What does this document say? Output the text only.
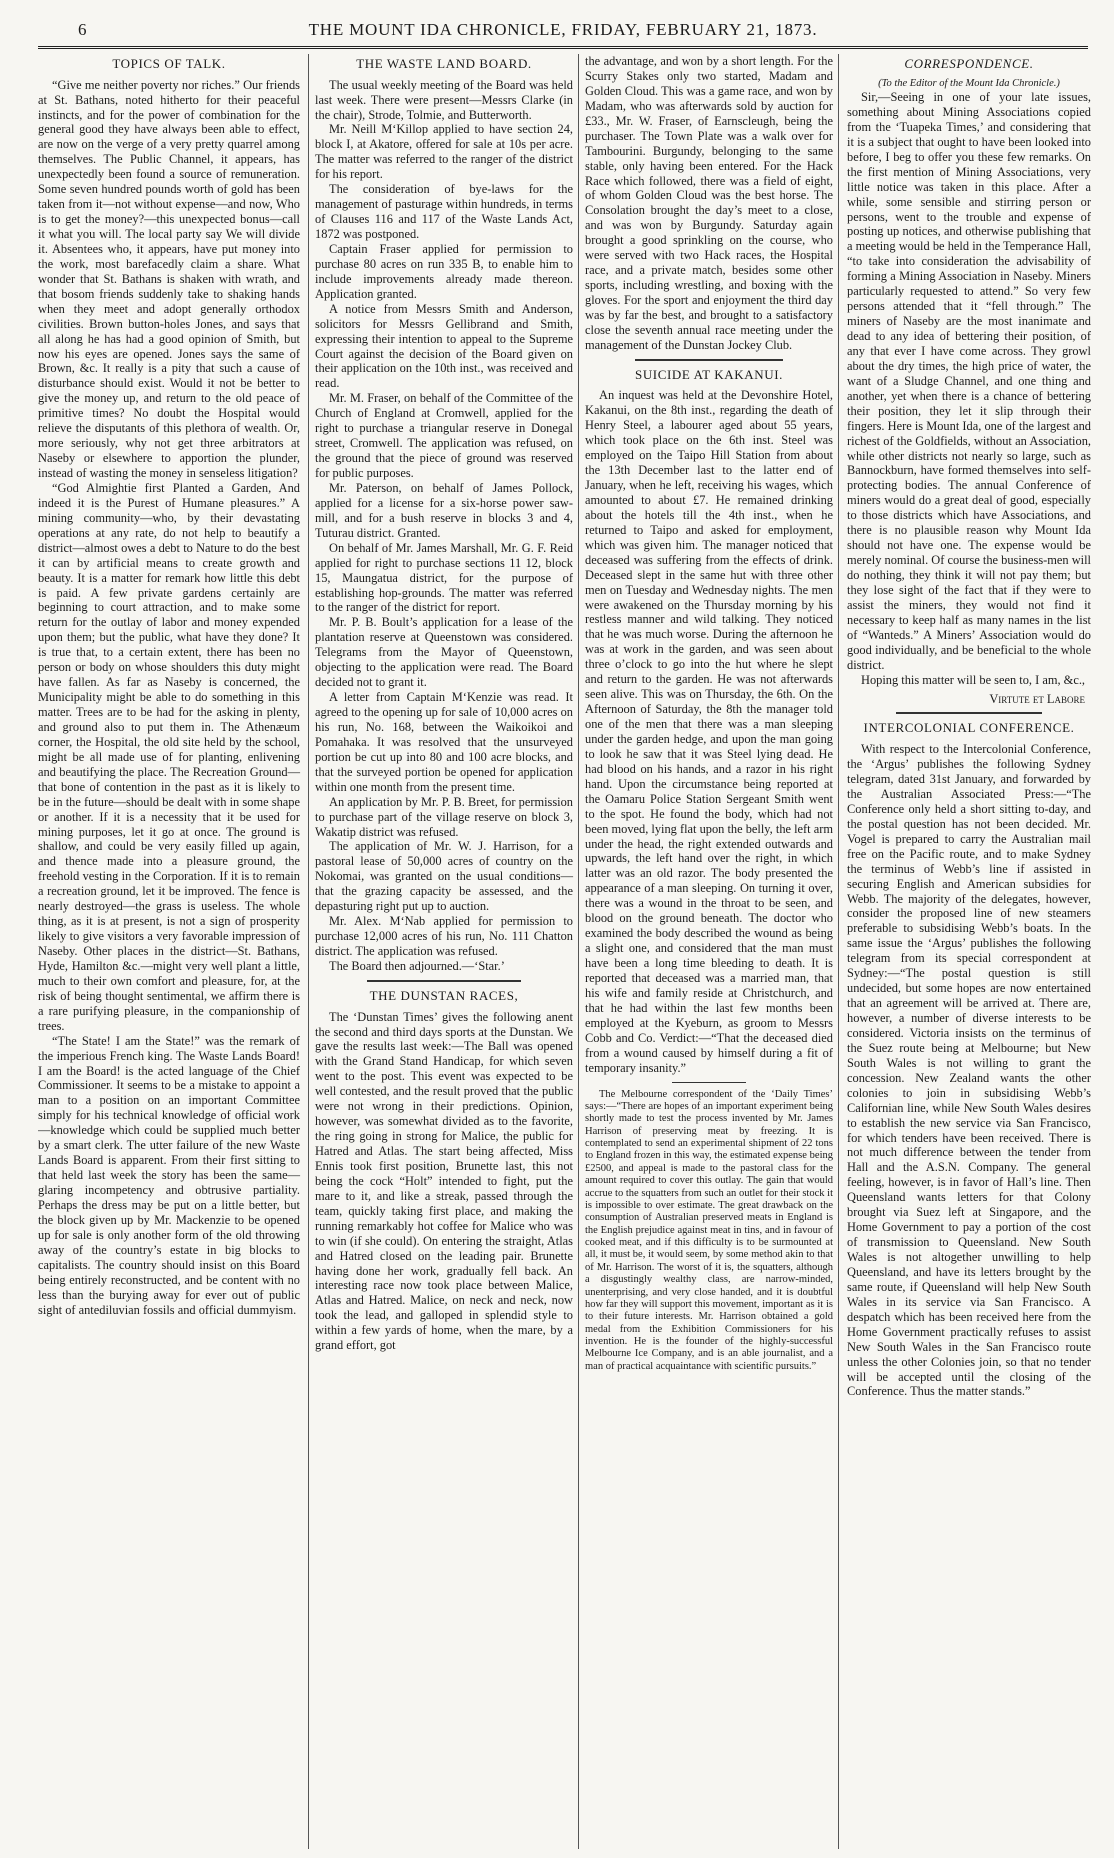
6	THE MOUNT IDA CHRONICLE, FRIDAY, FEBRUARY 21, 1873.
TOPICS OF TALK.

“Give me neither poverty nor riches.” Our friends at St. Bathans, noted hitherto for their peaceful instincts, and for the power of combination for the general good they have always been able to effect, are now on the verge of a very pretty quarrel among themselves. The Public Channel, it appears, has unexpectedly been found a source of remuneration. Some seven hundred pounds worth of gold has been taken from it—not without expense—and now, Who is to get the money?—this unexpected bonus—call it what you will. The local party say We will divide it. Absentees who, it appears, have put money into the work, most barefacedly claim a share. What wonder that St. Bathans is shaken with wrath, and that bosom friends suddenly take to shaking hands when they meet and adopt generally orthodox civilities. Brown button-holes Jones, and says that all along he has had a good opinion of Smith, but now his eyes are opened. Jones says the same of Brown, &c. It really is a pity that such a cause of disturbance should exist. Would it not be better to give the money up, and return to the old peace of primitive times? No doubt the Hospital would relieve the disputants of this plethora of wealth. Or, more seriously, why not get three arbitrators at Naseby or elsewhere to apportion the plunder, instead of wasting the money in senseless litigation?

“God Almightie first Planted a Garden, And indeed it is the Purest of Humane pleasures.” A mining community—who, by their devastating operations at any rate, do not help to beautify a district—almost owes a debt to Nature to do the best it can by artificial means to create growth and beauty. It is a matter for remark how little this debt is paid. A few private gardens certainly are beginning to court attraction, and to make some return for the outlay of labor and money expended upon them; but the public, what have they done? It is true that, to a certain extent, there has been no person or body on whose shoulders this duty might have fallen. As far as Naseby is concerned, the Municipality might be able to do something in this matter. Trees are to be had for the asking in plenty, and ground also to put them in. The Athenæum corner, the Hospital, the old site held by the school, might be all made use of for planting, enlivening and beautifying the place. The Recreation Ground—that bone of contention in the past as it is likely to be in the future—should be dealt with in some shape or another. If it is a necessity that it be used for mining purposes, let it go at once. The ground is shallow, and could be very easily filled up again, and thence made into a pleasure ground, the freehold vesting in the Corporation. If it is to remain a recreation ground, let it be improved. The fence is nearly destroyed—the grass is useless. The whole thing, as it is at present, is not a sign of prosperity likely to give visitors a very favorable impression of Naseby. Other places in the district—St. Bathans, Hyde, Hamilton &c.—might very well plant a little, much to their own comfort and pleasure, for, at the risk of being thought sentimental, we affirm there is a rare purifying pleasure, in the companionship of trees.

“The State! I am the State!” was the remark of the imperious French king. The Waste Lands Board! I am the Board! is the acted language of the Chief Commissioner. It seems to be a mistake to appoint a man to a position on an important Committee simply for his technical knowledge of official work—knowledge which could be supplied much better by a smart clerk. The utter failure of the new Waste Lands Board is apparent. From their first sitting to that held last week the story has been the same—glaring incompetency and obtrusive partiality. Perhaps the dress may be put on a little better, but the block given up by Mr. Mackenzie to be opened up for sale is only another form of the old throwing away of the country’s estate in big blocks to capitalists. The country should insist on this Board being entirely reconstructed, and be content with no less than the burying away for ever out of public sight of antediluvian fossils and official dummyism.

THE WASTE LAND BOARD.

The usual weekly meeting of the Board was held last week. There were present—Messrs Clarke (in the chair), Strode, Tolmie, and Butterworth.

Mr. Neill M‘Killop applied to have section 24, block I, at Akatore, offered for sale at 10s per acre. The matter was referred to the ranger of the district for his report.

The consideration of bye-laws for the management of pasturage within hundreds, in terms of Clauses 116 and 117 of the Waste Lands Act, 1872 was postponed.

Captain Fraser applied for permission to purchase 80 acres on run 335 B, to enable him to include improvements already made thereon. Application granted.

A notice from Messrs Smith and Anderson, solicitors for Messrs Gellibrand and Smith, expressing their intention to appeal to the Supreme Court against the decision of the Board given on their application on the 10th inst., was received and read.

Mr. M. Fraser, on behalf of the Committee of the Church of England at Cromwell, applied for the right to purchase a triangular reserve in Donegal street, Cromwell. The application was refused, on the ground that the piece of ground was reserved for public purposes.

Mr. Paterson, on behalf of James Pollock, applied for a license for a six-horse power saw-mill, and for a bush reserve in blocks 3 and 4, Tuturau district. Granted.

On behalf of Mr. James Marshall, Mr. G. F. Reid applied for right to purchase sections 11 12, block 15, Maungatua district, for the purpose of establishing hop-grounds. The matter was referred to the ranger of the district for report.

Mr. P. B. Boult’s application for a lease of the plantation reserve at Queenstown was considered. Telegrams from the Mayor of Queenstown, objecting to the application were read. The Board decided not to grant it.

A letter from Captain M‘Kenzie was read. It agreed to the opening up for sale of 10,000 acres on his run, No. 168, between the Waikoikoi and Pomahaka. It was resolved that the unsurveyed portion be cut up into 80 and 100 acre blocks, and that the surveyed portion be opened for application within one month from the present time.

An application by Mr. P. B. Breet, for permission to purchase part of the village reserve on block 3, Wakatip district was refused.

The application of Mr. W. J. Harrison, for a pastoral lease of 50,000 acres of country on the Nokomai, was granted on the usual conditions—that the grazing capacity be assessed, and the depasturing right put up to auction.

Mr. Alex. M‘Nab applied for permission to purchase 12,000 acres of his run, No. 111 Chatton district. The application was refused.

The Board then adjourned.—‘Star.’

THE DUNSTAN RACES,

The ‘Dunstan Times’ gives the following anent the second and third days sports at the Dunstan. We gave the results last week:—The Ball was opened with the Grand Stand Handicap, for which seven went to the post. This event was expected to be well contested, and the result proved that the public were not wrong in their predictions. Opinion, however, was somewhat divided as to the favorite, the ring going in strong for Malice, the public for Hatred and Atlas. The start being affected, Miss Ennis took first position, Brunette last, this not being the cock “Holt” intended to fight, put the mare to it, and like a streak, passed through the team, quickly taking first place, and making the running remarkably hot coffee for Malice who was to win (if she could). On entering the straight, Atlas and Hatred closed on the leading pair. Brunette having done her work, gradually fell back. An interesting race now took place between Malice, Atlas and Hatred. Malice, on neck and neck, now took the lead, and galloped in splendid style to within a few yards of home, when the mare, by a grand effort, got

the advantage, and won by a short length. For the Scurry Stakes only two started, Madam and Golden Cloud. This was a game race, and won by Madam, who was afterwards sold by auction for £33., Mr. W. Fraser, of Earnscleugh, being the purchaser. The Town Plate was a walk over for Tambourini. Burgundy, belonging to the same stable, only having been entered. For the Hack Race which followed, there was a field of eight, of whom Golden Cloud was the best horse. The Consolation brought the day’s meet to a close, and was won by Burgundy. Saturday again brought a good sprinkling on the course, who were served with two Hack races, the Hospital race, and a private match, besides some other sports, including wrestling, and boxing with the gloves. For the sport and enjoyment the third day was by far the best, and brought to a satisfactory close the seventh annual race meeting under the management of the Dunstan Jockey Club.

SUICIDE AT KAKANUI.

An inquest was held at the Devonshire Hotel, Kakanui, on the 8th inst., regarding the death of Henry Steel, a labourer aged about 55 years, which took place on the 6th inst. Steel was employed on the Taipo Hill Station from about the 13th December last to the latter end of January, when he left, receiving his wages, which amounted to about £7. He remained drinking about the hotels till the 4th inst., when he returned to Taipo and asked for employment, which was given him. The manager noticed that deceased was suffering from the effects of drink. Deceased slept in the same hut with three other men on Tuesday and Wednesday nights. The men were awakened on the Thursday morning by his restless manner and wild talking. They noticed that he was much worse. During the afternoon he was at work in the garden, and was seen about three o’clock to go into the hut where he slept and return to the garden. He was not afterwards seen alive. This was on Thursday, the 6th. On the Afternoon of Saturday, the 8th the manager told one of the men that there was a man sleeping under the garden hedge, and upon the man going to look he saw that it was Steel lying dead. He had blood on his hands, and a razor in his right hand. Upon the circumstance being reported at the Oamaru Police Station Sergeant Smith went to the spot. He found the body, which had not been moved, lying flat upon the belly, the left arm under the head, the right extended outwards and upwards, the left hand over the right, in which latter was an old razor. The body presented the appearance of a man sleeping. On turning it over, there was a wound in the throat to be seen, and blood on the ground beneath. The doctor who examined the body described the wound as being a slight one, and considered that the man must have been a long time bleeding to death. It is reported that deceased was a married man, that his wife and family reside at Christchurch, and that he had within the last few months been employed at the Kyeburn, as groom to Messrs Cobb and Co. Verdict:—“That the deceased died from a wound caused by himself during a fit of temporary insanity.”

The Melbourne correspondent of the ‘Daily Times’ says:—“There are hopes of an important experiment being shortly made to test the process invented by Mr. James Harrison of preserving meat by freezing. It is contemplated to send an experimental shipment of 22 tons to England frozen in this way, the estimated expense being £2500, and appeal is made to the pastoral class for the amount required to cover this outlay. The gain that would accrue to the squatters from such an outlet for their stock it is impossible to over estimate. The great drawback on the consumption of Australian preserved meats in England is the English prejudice against meat in tins, and in favour of cooked meat, and if this difficulty is to be surmounted at all, it must be, it would seem, by some method akin to that of Mr. Harrison. The worst of it is, the squatters, although a disgustingly wealthy class, are narrow-minded, unenterprising, and very close handed, and it is doubtful how far they will support this movement, important as it is to their future interests. Mr. Harrison obtained a gold medal from the Exhibition Commissioners for his invention. He is the founder of the highly-successful Melbourne Ice Company, and is an able journalist, and a man of practical acquaintance with scientific pursuits.”

CORRESPONDENCE.

(To the Editor of the Mount Ida Chronicle.)

Sir,—Seeing in one of your late issues, something about Mining Associations copied from the ‘Tuapeka Times,’ and considering that it is a subject that ought to have been looked into before, I beg to offer you these few remarks. On the first mention of Mining Associations, very little notice was taken in this place. After a while, some sensible and stirring person or persons, went to the trouble and expense of posting up notices, and otherwise publishing that a meeting would be held in the Temperance Hall, “to take into consideration the advisability of forming a Mining Association in Naseby. Miners particularly requested to attend.” So very few persons attended that it “fell through.” The miners of Naseby are the most inanimate and dead to any idea of bettering their position, of any that ever I have come across. They growl about the dry times, the high price of water, the want of a Sludge Channel, and one thing and another, yet when there is a chance of bettering their position, they let it slip through their fingers. Here is Mount Ida, one of the largest and richest of the Goldfields, without an Association, while other districts not nearly so large, such as Bannockburn, have formed themselves into self-protecting bodies. The annual Conference of miners would do a great deal of good, especially to those districts which have Associations, and there is no plausible reason why Mount Ida should not have one. The expense would be merely nominal. Of course the business-men will do nothing, they think it will not pay them; but they lose sight of the fact that if they were to assist the miners, they would not find it necessary to keep half as many names in the list of “Wanteds.” A Miners’ Association would do good individually, and be beneficial to the whole district.

Hoping this matter will be seen to, I am, &c.,

Virtute et Labore

INTERCOLONIAL CONFERENCE.

With respect to the Intercolonial Conference, the ‘Argus’ publishes the following Sydney telegram, dated 31st January, and forwarded by the Australian Associated Press:—“The Conference only held a short sitting to-day, and the postal question has not been decided. Mr. Vogel is prepared to carry the Australian mail free on the Pacific route, and to make Sydney the terminus of Webb’s line if assisted in securing English and American subsidies for Webb. The majority of the delegates, however, consider the proposed line of new steamers preferable to subsidising Webb’s boats. In the same issue the ‘Argus’ publishes the following telegram from its special correspondent at Sydney:—“The postal question is still undecided, but some hopes are now entertained that an agreement will be arrived at. There are, however, a number of diverse interests to be considered. Victoria insists on the terminus of the Suez route being at Melbourne; but New South Wales is not willing to grant the concession. New Zealand wants the other colonies to join in subsidising Webb’s Californian line, while New South Wales desires to establish the new service via San Francisco, for which tenders have been received. There is not much difference between the tender from Hall and the A.S.N. Company. The general feeling, however, is in favor of Hall’s line. Then Queensland wants letters for that Colony brought via Suez left at Singapore, and the Home Government to pay a portion of the cost of transmission to Queensland. New South Wales is not altogether unwilling to help Queensland, and have its letters brought by the same route, if Queensland will help New South Wales in its service via San Francisco. A despatch which has been received here from the Home Government practically refuses to assist New South Wales in the San Francisco route unless the other Colonies join, so that no tender will be accepted until the closing of the Conference. Thus the matter stands.”
